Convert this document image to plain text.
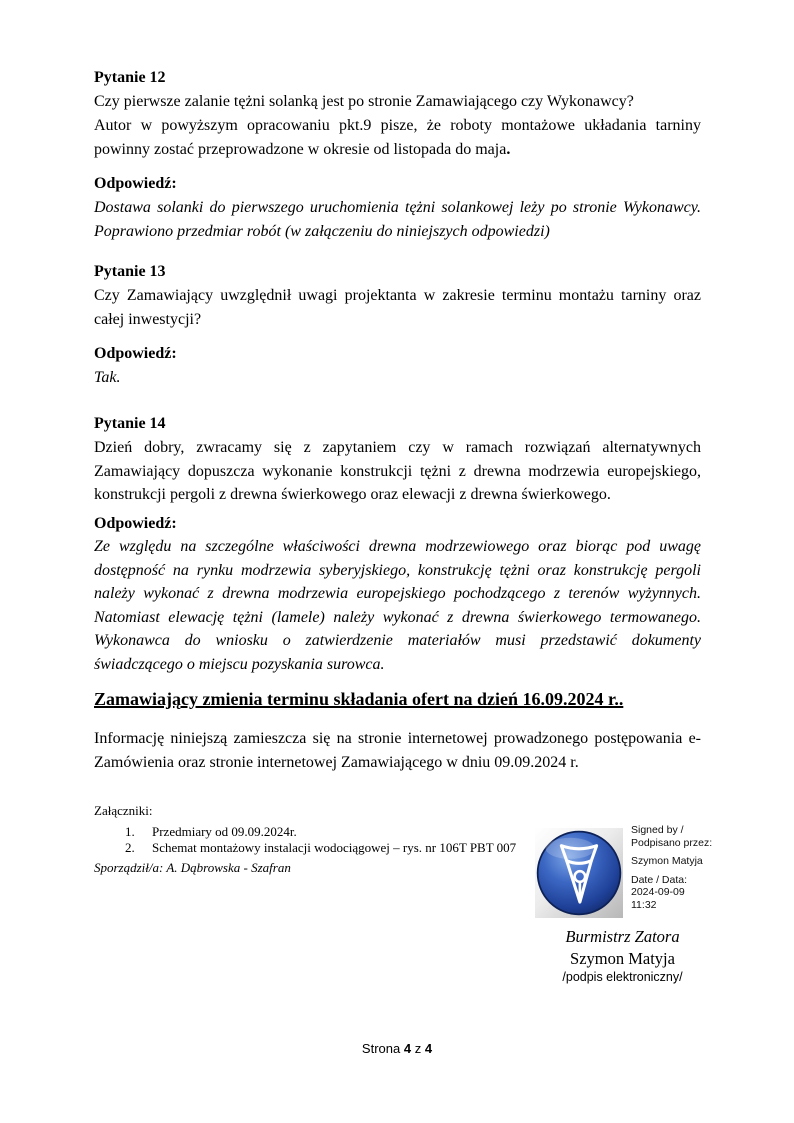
Pytanie 12
Czy pierwsze zalanie tężni solanką jest po stronie Zamawiającego czy Wykonawcy?
Autor w powyższym opracowaniu pkt.9 pisze, że roboty montażowe układania tarniny powinny zostać przeprowadzone w okresie od listopada do maja.
Odpowiedź:
Dostawa solanki do pierwszego uruchomienia tężni solankowej leży po stronie Wykonawcy. Poprawiono przedmiar robót (w załączeniu do niniejszych odpowiedzi)
Pytanie 13
Czy Zamawiający uwzględnił uwagi projektanta w zakresie terminu montażu tarniny oraz całej inwestycji?
Odpowiedź:
Tak.
Pytanie 14
Dzień dobry, zwracamy się z zapytaniem czy w ramach rozwiązań alternatywnych Zamawiający dopuszcza wykonanie konstrukcji tężni z drewna modrzewia europejskiego, konstrukcji pergoli z drewna świerkowego oraz elewacji z drewna świerkowego.
Odpowiedź:
Ze względu na szczególne właściwości drewna modrzewiowego oraz biorąc pod uwagę dostępność na rynku modrzewia syberyjskiego, konstrukcję tężni oraz konstrukcję pergoli należy wykonać z drewna modrzewia europejskiego pochodzącego z terenów wyżynnych. Natomiast elewację tężni (lamele) należy wykonać z drewna świerkowego termowanego. Wykonawca do wniosku o zatwierdzenie materiałów musi przedstawić dokumenty świadczącego o miejscu pozyskania surowca.
Zamawiający zmienia terminu składania ofert na dzień 16.09.2024 r..
Informację niniejszą zamieszcza się na stronie internetowej prowadzonego postępowania e-Zamówienia oraz stronie internetowej Zamawiającego w dniu 09.09.2024 r.
Załączniki:
1.	Przedmiary od 09.09.2024r.
2.	Schemat montażowy instalacji wodociągowej – rys. nr 106T PBT 007
Sporządził/a: A. Dąbrowska - Szafran
Signed by /
Podpisano przez:
Szymon Matyja
Date / Data:
2024-09-09
11:32
Burmistrz Zatora
Szymon Matyja
/podpis elektroniczny/
Strona 4 z 4
